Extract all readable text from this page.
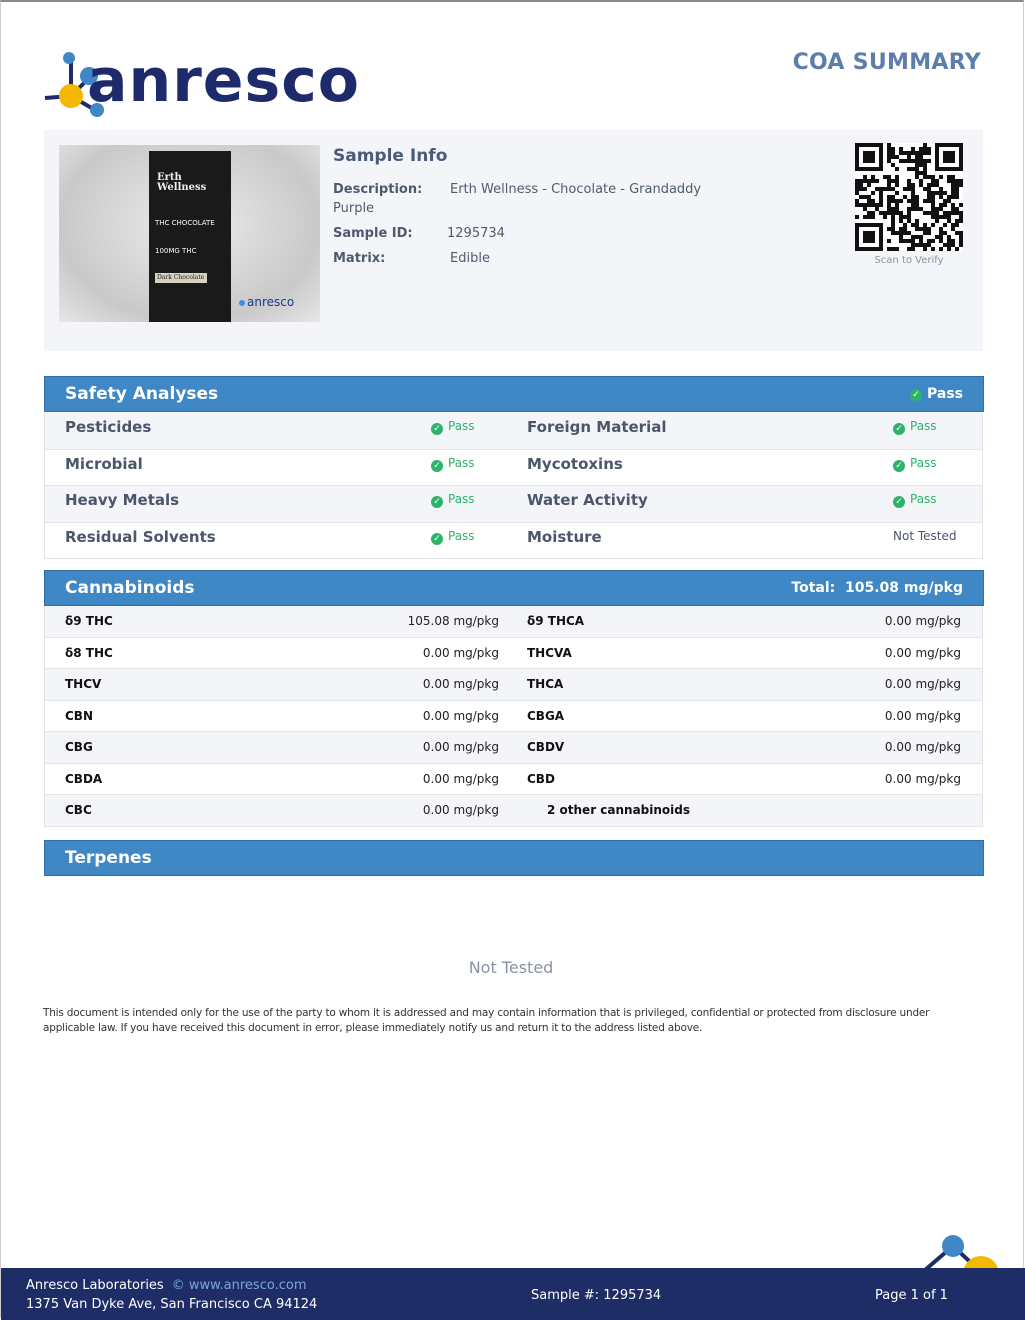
anresco	COA SUMMARY
Erth
Wellness
THC CHOCOLATE
100MG THC
Dark Chocolate
anresco
Sample Info
Description: Erth Wellness - Chocolate - Grandaddy
Purple
Sample ID:	1295734
Matrix:	Edible	Scan to Verify
Safety Analyses	✓ Pass
Pesticides	✓ Pass	Foreign Material	✓ Pass
Microbial	✓ Pass	Mycotoxins	✓ Pass
Heavy Metals	✓ Pass	Water Activity	✓ Pass
Residual Solvents	✓ Pass	Moisture	Not Tested
Cannabinoids	Total: 105.08 mg/pkg
δ9 THC	105.08 mg/pkg δ9 THCA	0.00 mg/pkg
δ8 THC	0.00 mg/pkg THCVA	0.00 mg/pkg
THCV	0.00 mg/pkg THCA	0.00 mg/pkg
CBN	0.00 mg/pkg CBGA	0.00 mg/pkg
CBG	0.00 mg/pkg CBDV	0.00 mg/pkg
CBDA	0.00 mg/pkg CBD	0.00 mg/pkg
CBC	0.00 mg/pkg	2 other cannabinoids
Terpenes
Not Tested
This document is intended only for the use of the party to whom it is addressed and may contain information that is privileged, confidential or protected from disclosure under applicable law. If you have received this document in error, please immediately notify us and return it to the address listed above.
Anresco Laboratories © www.anresco.com
1375 Van Dyke Ave, San Francisco CA 94124
Sample #: 1295734	Page 1 of 1
